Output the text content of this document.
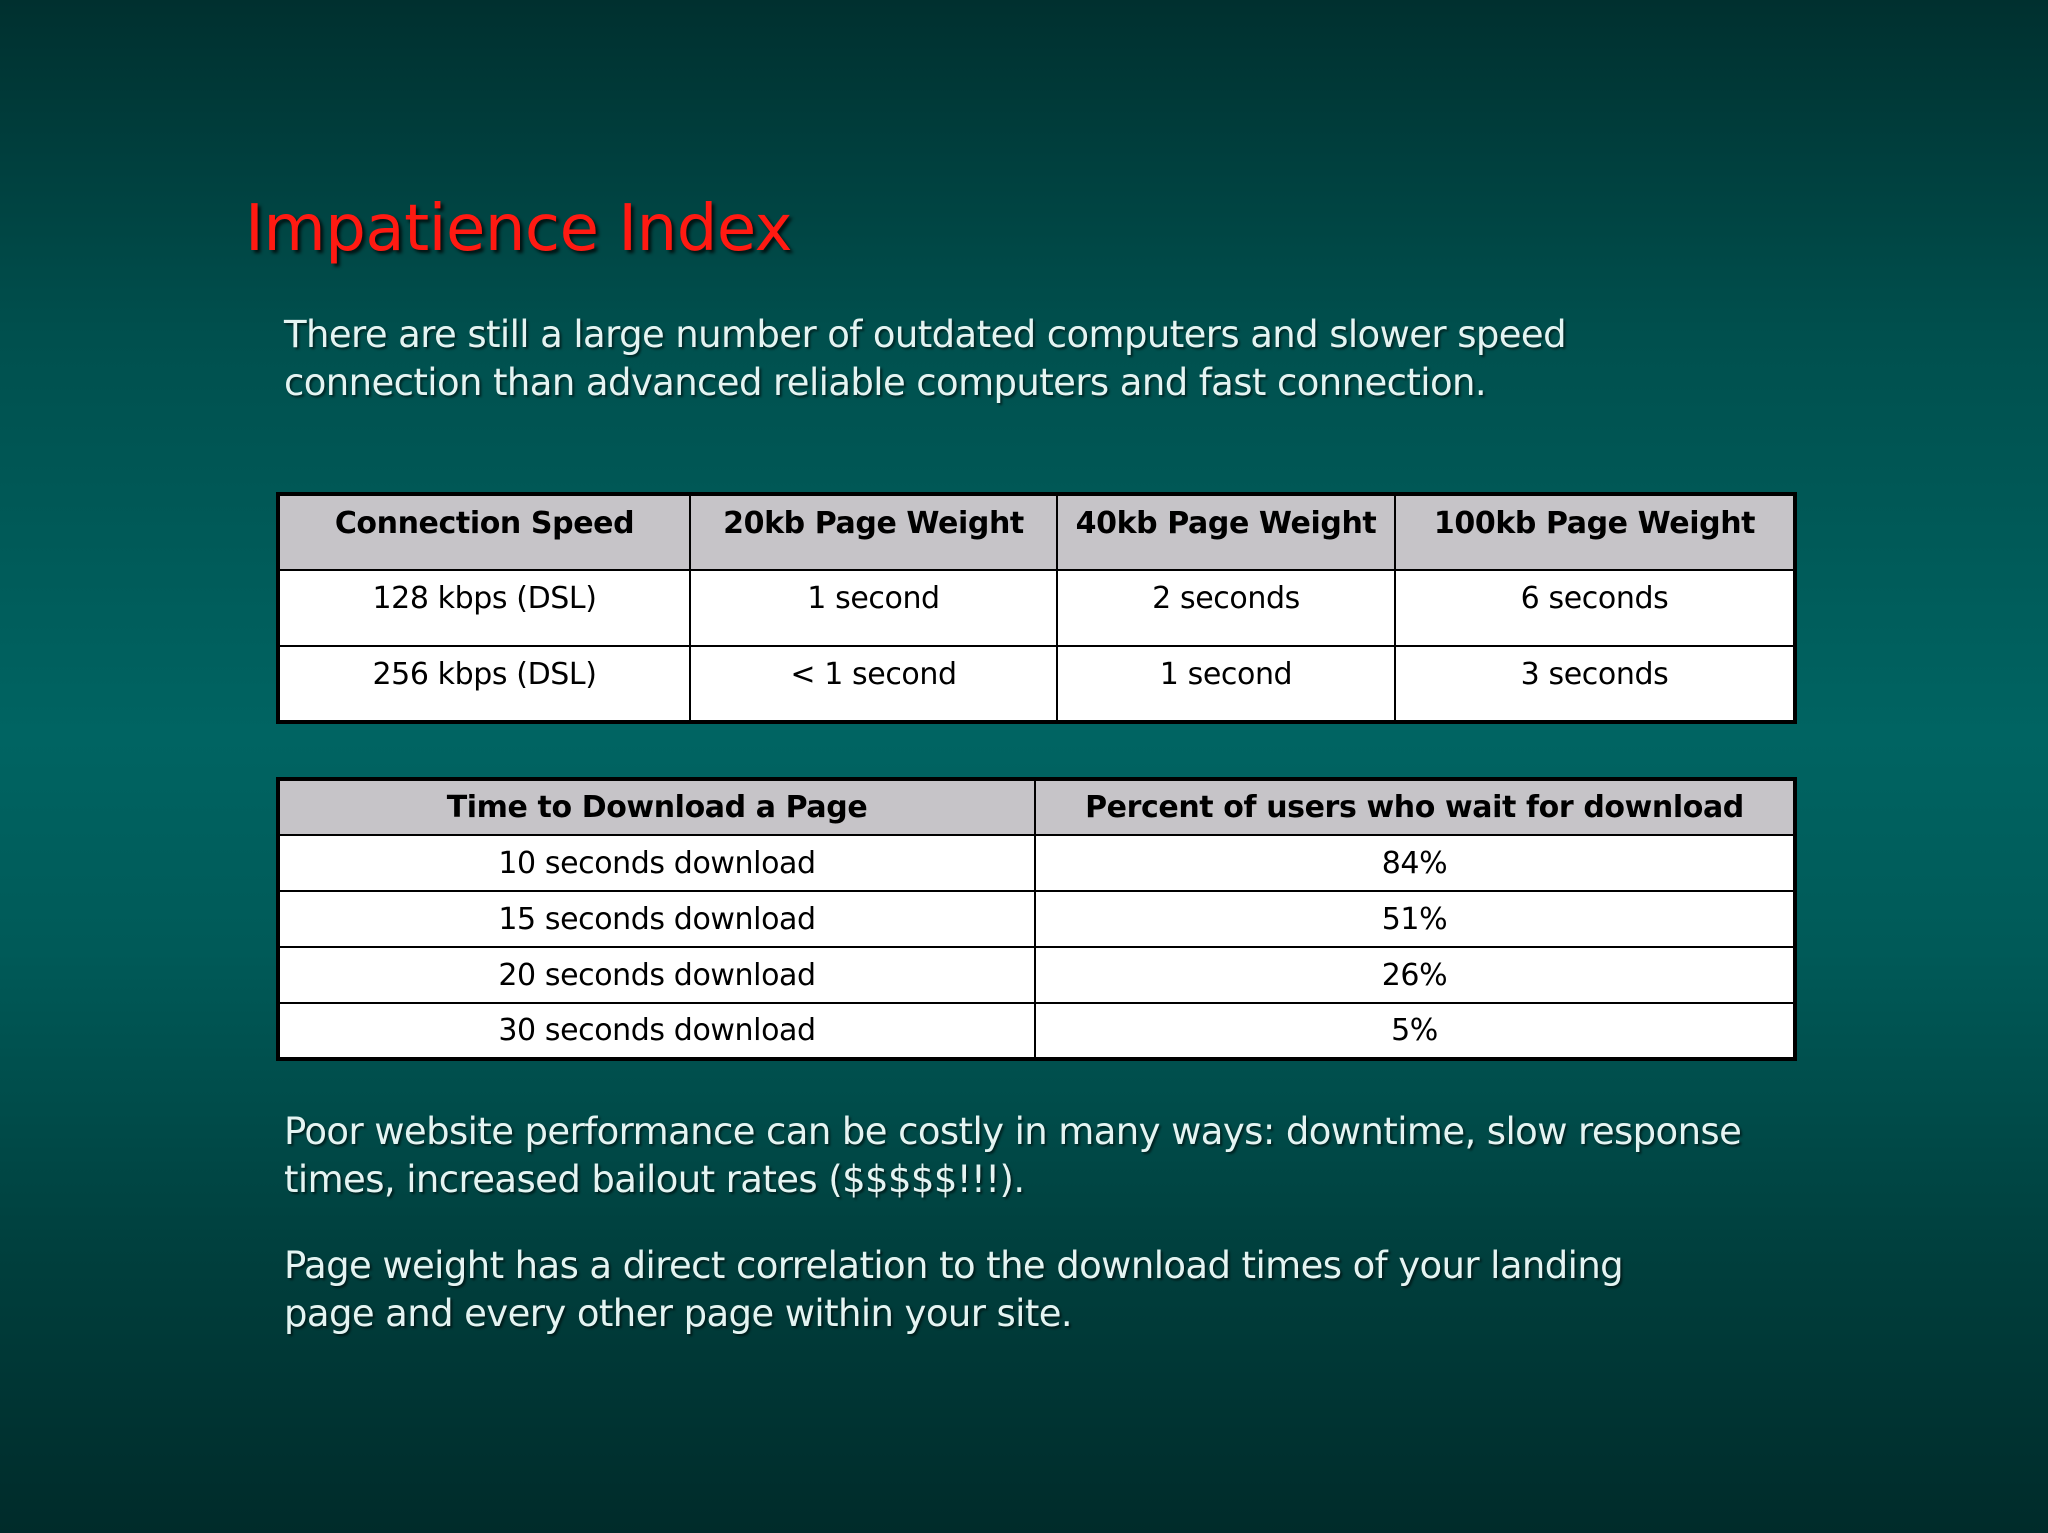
Impatience Index

There are still a large number of outdated computers and slower speed
connection than advanced reliable computers and fast connection.

Connection Speed	20kb Page Weight	40kb Page Weight	100kb Page Weight
128 kbps (DSL)	1 second	2 seconds	6 seconds
256 kbps (DSL)	< 1 second	1 second	3 seconds
Time to Download a Page	Percent of users who wait for download
10 seconds download	84%
15 seconds download	51%
20 seconds download	26%
30 seconds download	5%

Poor website performance can be costly in many ways: downtime, slow response
times, increased bailout rates ($$$$$!!!).

Page weight has a direct correlation to the download times of your landing
page and every other page within your site.
